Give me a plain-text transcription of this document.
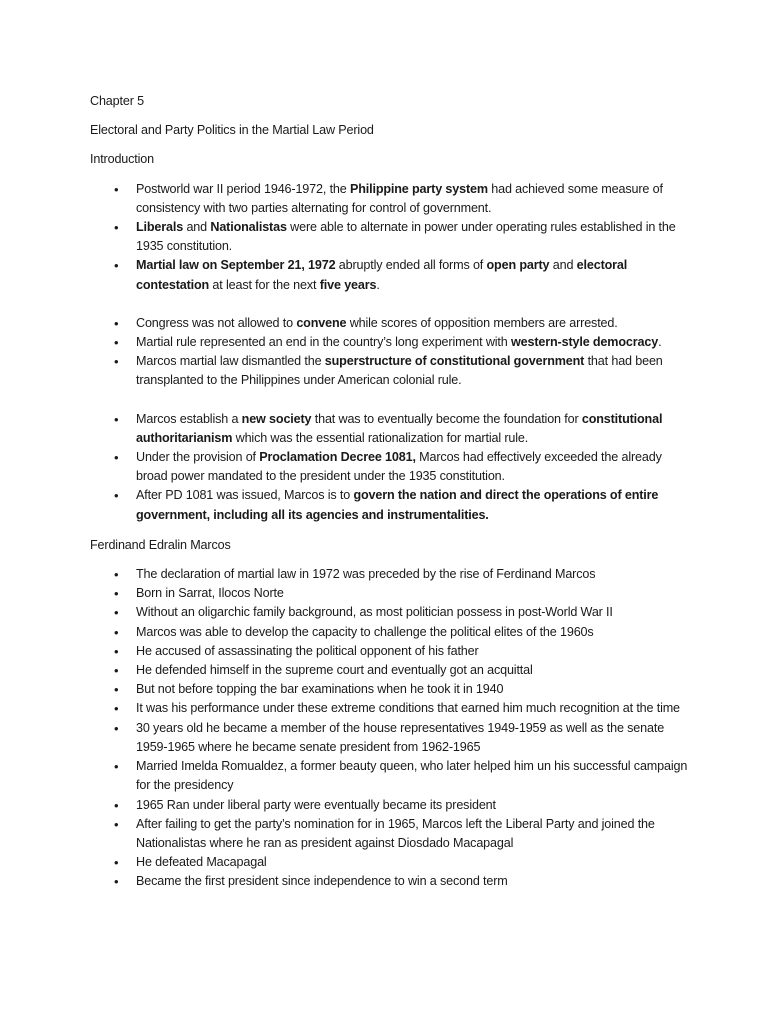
Chapter 5

Electoral and Party Politics in the Martial Law Period

Introduction

• Postworld war II period 1946-1972, the Philippine party system had achieved some measure of consistency with two parties alternating for control of government.
• Liberals and Nationalistas were able to alternate in power under operating rules established in the 1935 constitution.
• Martial law on September 21, 1972 abruptly ended all forms of open party and electoral contestation at least for the next five years.
• Congress was not allowed to convene while scores of opposition members are arrested.
• Martial rule represented an end in the country’s long experiment with western-style democracy.
• Marcos martial law dismantled the superstructure of constitutional government that had been transplanted to the Philippines under American colonial rule.
• Marcos establish a new society that was to eventually become the foundation for constitutional authoritarianism which was the essential rationalization for martial rule.
• Under the provision of Proclamation Decree 1081, Marcos had effectively exceeded the already broad power mandated to the president under the 1935 constitution.
• After PD 1081 was issued, Marcos is to govern the nation and direct the operations of entire government, including all its agencies and instrumentalities.

Ferdinand Edralin Marcos

• The declaration of martial law in 1972 was preceded by the rise of Ferdinand Marcos
• Born in Sarrat, Ilocos Norte
• Without an oligarchic family background, as most politician possess in post-World War II
• Marcos was able to develop the capacity to challenge the political elites of the 1960s
• He accused of assassinating the political opponent of his father
• He defended himself in the supreme court and eventually got an acquittal
• But not before topping the bar examinations when he took it in 1940
• It was his performance under these extreme conditions that earned him much recognition at the time
• 30 years old he became a member of the house representatives 1949-1959 as well as the senate 1959-1965 where he became senate president from 1962-1965
• Married Imelda Romualdez, a former beauty queen, who later helped him un his successful campaign for the presidency
• 1965 Ran under liberal party were eventually became its president
• After failing to get the party’s nomination for in 1965, Marcos left the Liberal Party and joined the Nationalistas where he ran as president against Diosdado Macapagal
• He defeated Macapagal
• Became the first president since independence to win a second term
